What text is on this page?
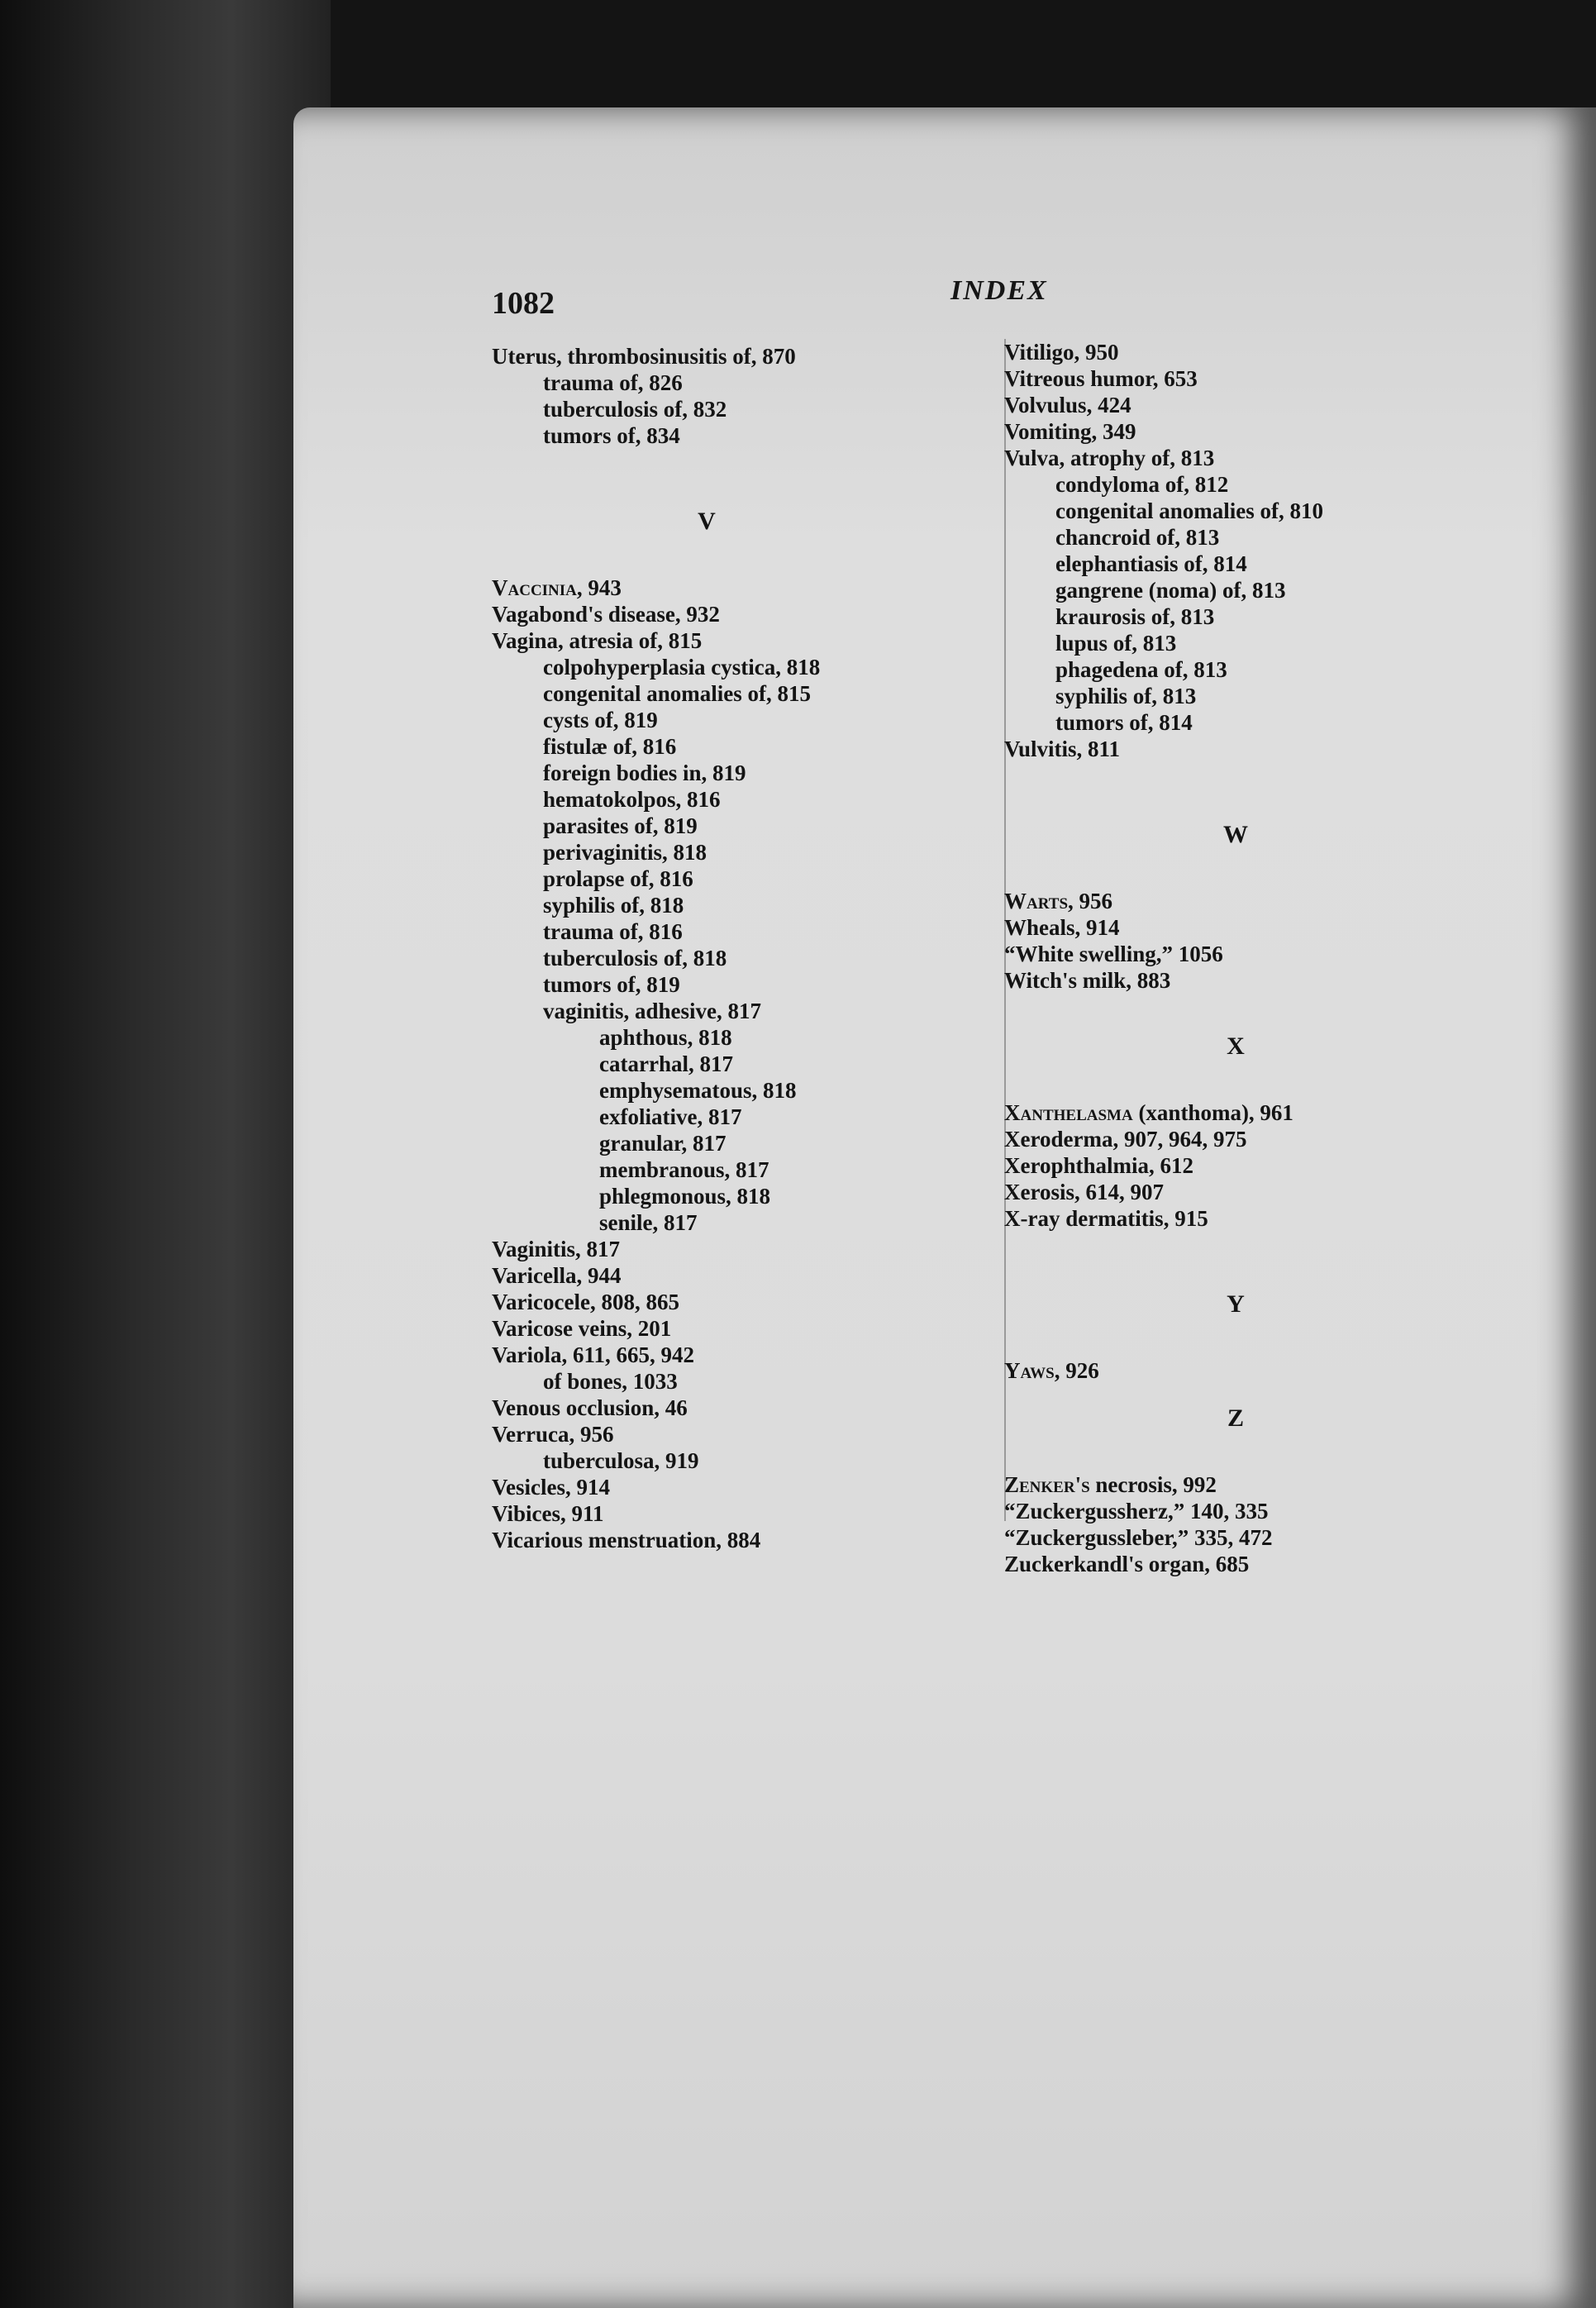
1082	INDEX
Uterus, thrombosinusitis of, 870
trauma of, 826
tuberculosis of, 832
tumors of, 834
V
Vaccinia, 943
Vagabond's disease, 932
Vagina, atresia of, 815
colpohyperplasia cystica, 818
congenital anomalies of, 815
cysts of, 819
fistulæ of, 816
foreign bodies in, 819
hematokolpos, 816
parasites of, 819
perivaginitis, 818
prolapse of, 816
syphilis of, 818
trauma of, 816
tuberculosis of, 818
tumors of, 819
vaginitis, adhesive, 817
aphthous, 818
catarrhal, 817
emphysematous, 818
exfoliative, 817
granular, 817
membranous, 817
phlegmonous, 818
senile, 817
Vaginitis, 817
Varicella, 944
Varicocele, 808, 865
Varicose veins, 201
Variola, 611, 665, 942
of bones, 1033
Venous occlusion, 46
Verruca, 956
tuberculosa, 919
Vesicles, 914
Vibices, 911
Vicarious menstruation, 884
Vitiligo, 950
Vitreous humor, 653
Volvulus, 424
Vomiting, 349
Vulva, atrophy of, 813
condyloma of, 812
congenital anomalies of, 810
chancroid of, 813
elephantiasis of, 814
gangrene (noma) of, 813
kraurosis of, 813
lupus of, 813
phagedena of, 813
syphilis of, 813
tumors of, 814
Vulvitis, 811
W
Warts, 956
Wheals, 914
“White swelling,” 1056
Witch's milk, 883
X
Xanthelasma (xanthoma), 961
Xeroderma, 907, 964, 975
Xerophthalmia, 612
Xerosis, 614, 907
X-ray dermatitis, 915
Y
Yaws, 926
Z
Zenker's necrosis, 992
“Zuckergussherz,” 140, 335
“Zuckergussleber,” 335, 472
Zuckerkandl's organ, 685
